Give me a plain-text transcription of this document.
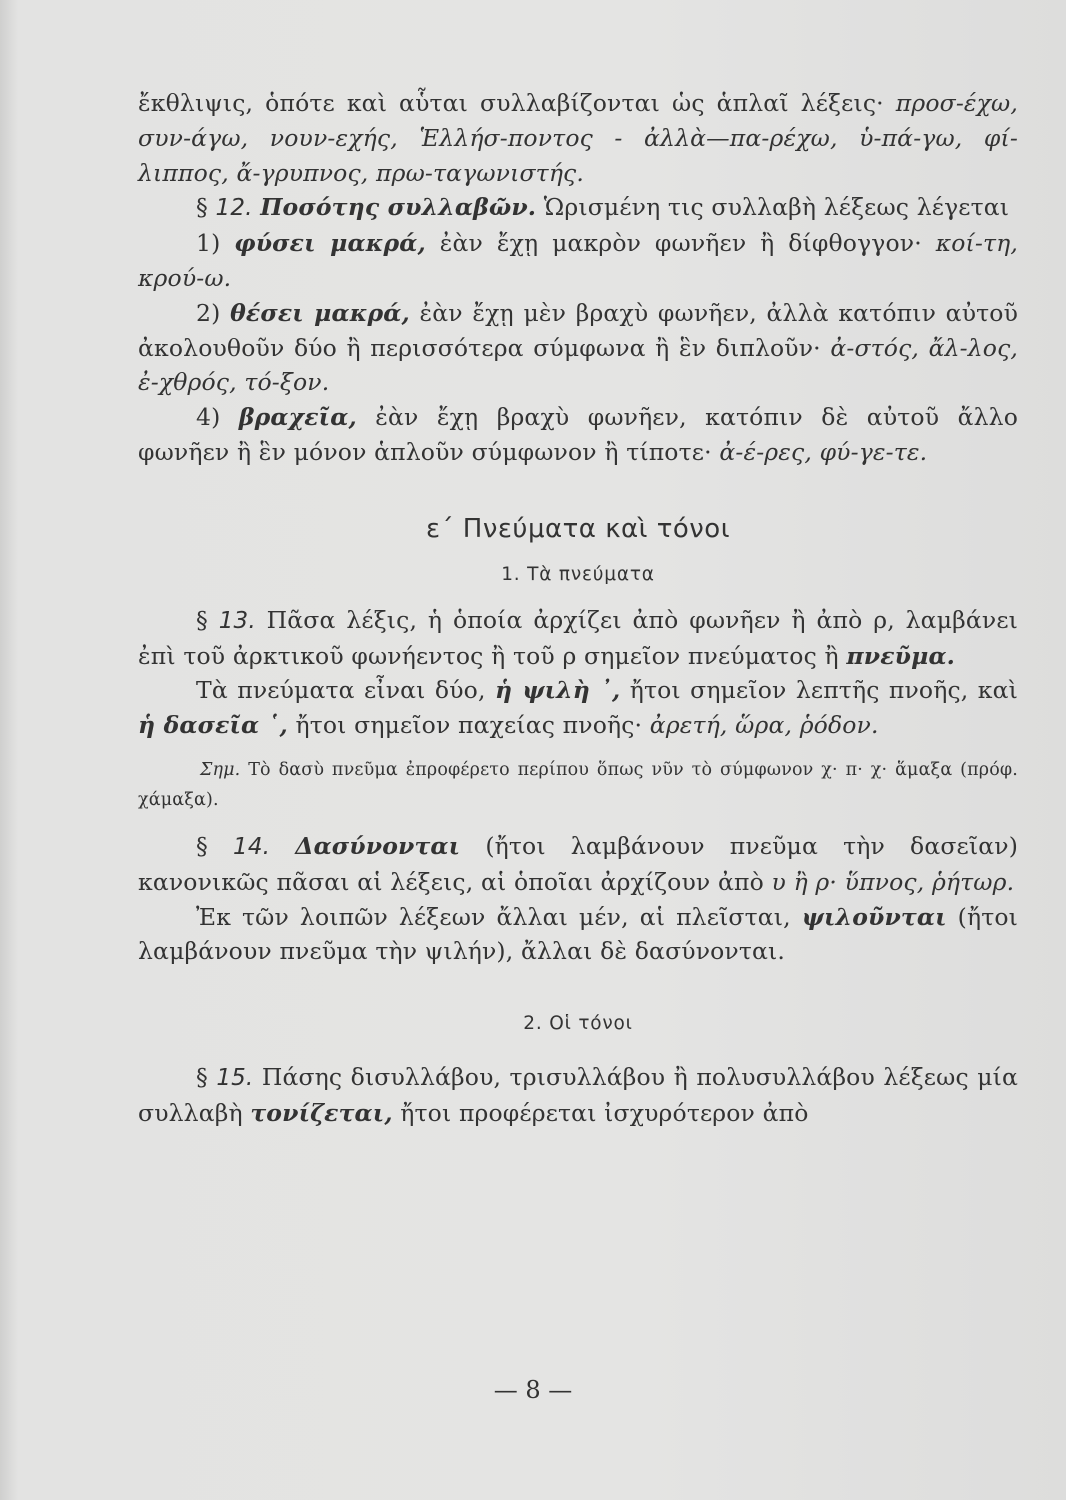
ἔκθλιψις, ὁπότε καὶ αὗται συλλαβίζονται ὡς ἁπλαῖ λέξεις· προσ-έχω, συν-άγω, νουν-εχής, Ἑλλήσ-ποντος - ἀλλὰ—πα-ρέχω, ὑ-πά-γω, φί-λιππος, ἄ-γρυπνος, πρω-ταγωνιστής.

§ 12. Ποσότης συλλαβῶν. Ὡρισμένη τις συλλαβὴ λέξεως λέγεται

1) φύσει μακρά, ἐὰν ἔχῃ μακρὸν φωνῆεν ἢ δίφθογγον· κοί-τη, κρού-ω.

2) θέσει μακρά, ἐὰν ἔχῃ μὲν βραχὺ φωνῆεν, ἀλλὰ κατόπιν αὐτοῦ ἀκολουθοῦν δύο ἢ περισσότερα σύμφωνα ἢ ἓν διπλοῦν· ἀ-στός, ἄλ-λος, ἐ-χθρός, τό-ξον.

4) βραχεῖα, ἐὰν ἔχῃ βραχὺ φωνῆεν, κατόπιν δὲ αὐτοῦ ἄλλο φωνῆεν ἢ ἓν μόνον ἁπλοῦν σύμφωνον ἢ τίποτε· ἀ-έ-ρες, φύ-γε-τε.

ε΄ Πνεύματα καὶ τόνοι
1. Τὰ πνεύματα

§ 13. Πᾶσα λέξις, ἡ ὁποία ἀρχίζει ἀπὸ φωνῆεν ἢ ἀπὸ ρ, λαμβάνει ἐπὶ τοῦ ἀρκτικοῦ φωνήεντος ἢ τοῦ ρ σημεῖον πνεύματος ἢ πνεῦμα.

Τὰ πνεύματα εἶναι δύο, ἡ ψιλὴ ᾿, ἤτοι σημεῖον λεπτῆς πνοῆς, καὶ ἡ δασεῖα ῾, ἤτοι σημεῖον παχείας πνοῆς· ἀρετή, ὥρα, ῥόδον.

Σημ. Τὸ δασὺ πνεῦμα ἐπροφέρετο περίπου ὅπως νῦν τὸ σύμφωνον χ· π· χ· ἅμαξα (πρόφ. χάμαξα).

§ 14. Δασύνονται (ἤτοι λαμβάνουν πνεῦμα τὴν δασεῖαν) κανονικῶς πᾶσαι αἱ λέξεις, αἱ ὁποῖαι ἀρχίζουν ἀπὸ υ ἢ ρ· ὕπνος, ῥήτωρ.

Ἐκ τῶν λοιπῶν λέξεων ἄλλαι μέν, αἱ πλεῖσται, ψιλοῦνται (ἤτοι λαμβάνουν πνεῦμα τὴν ψιλήν), ἄλλαι δὲ δασύνονται.

2. Οἱ τόνοι

§ 15. Πάσης δισυλλάβου, τρισυλλάβου ἢ πολυσυλλάβου λέξεως μία συλλαβὴ τονίζεται, ἤτοι προφέρεται ἰσχυρότερον ἀπὸ

— 8 —
